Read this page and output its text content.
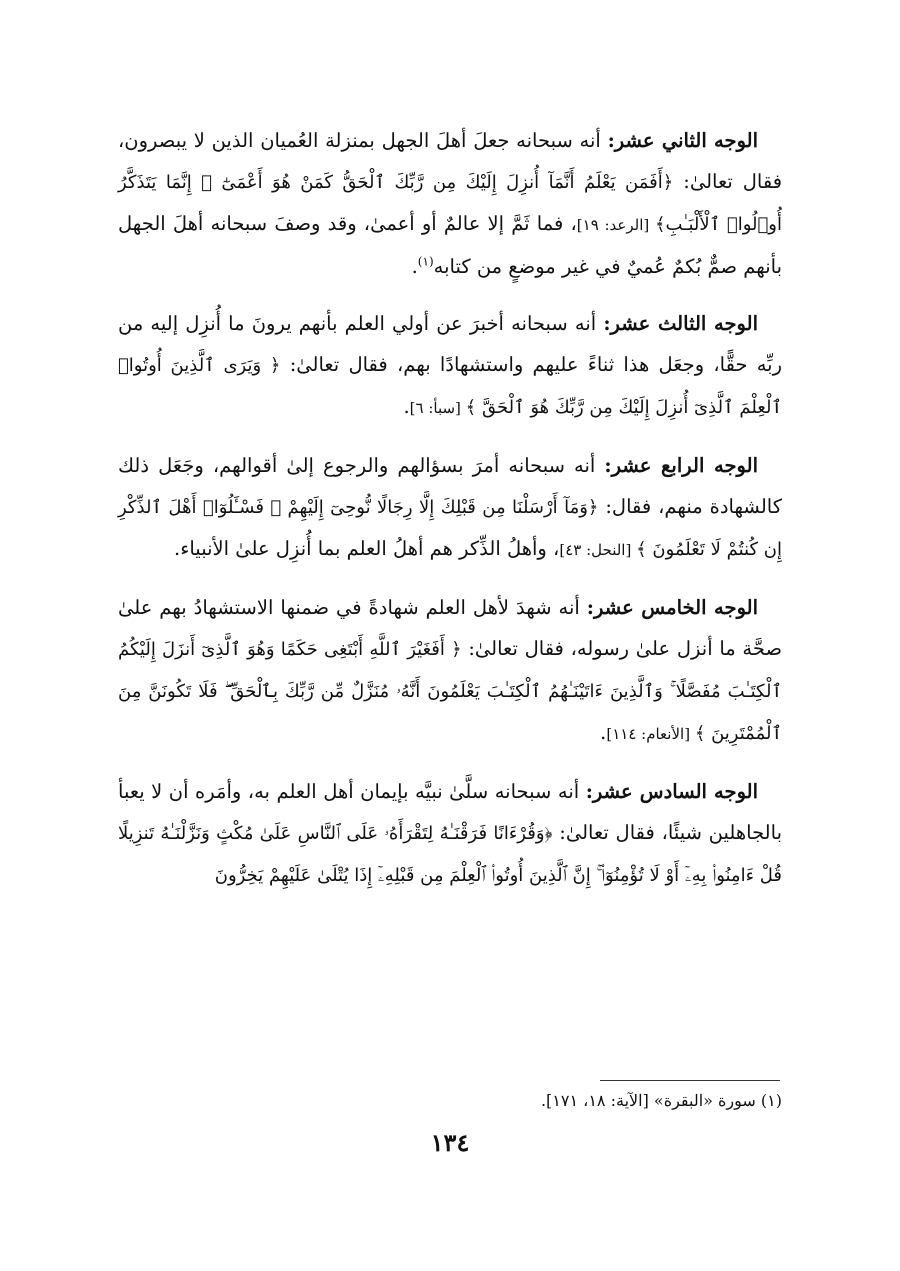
الوجه الثاني عشر: أنه سبحانه جعلَ أهلَ الجهل بمنزلة العُميان الذين لا يبصرون، فقال تعالىٰ: ﴿أَفَمَن يَعْلَمُ أَنَّمَآ أُنزِلَ إِلَيْكَ مِن رَّبِّكَ ٱلْحَقُّ كَمَنْ هُوَ أَعْمَىٰٓ ۚ إِنَّمَا يَتَذَكَّرُ أُو۟لُوا۟ ٱلْأَلْبَـٰبِ﴾ [الرعد: ١٩]، فما ثَمَّ إلا عالمٌ أو أعمىٰ، وقد وصفَ سبحانه أهلَ الجهل بأنهم صمٌّ بُكمٌ عُميٌ في غير موضعٍ من كتابه$^{(١)}$.

الوجه الثالث عشر: أنه سبحانه أخبرَ عن أولي العلم بأنهم يرونَ ما أُنزِل إليه من ربِّه حقًّا، وجعَل هذا ثناءً عليهم واستشهادًا بهم، فقال تعالىٰ: ﴿ وَيَرَى ٱلَّذِينَ أُوتُوا۟ ٱلْعِلْمَ ٱلَّذِىٓ أُنزِلَ إِلَيْكَ مِن رَّبِّكَ هُوَ ٱلْحَقَّ ﴾ [سبأ: ٦].

الوجه الرابع عشر: أنه سبحانه أمرَ بسؤالهم والرجوع إلىٰ أقوالهم، وجَعَل ذلك كالشهادة منهم، فقال: ﴿وَمَآ أَرْسَلْنَا مِن قَبْلِكَ إِلَّا رِجَالًا نُّوحِىٓ إِلَيْهِمْ ۚ فَسْـَٔلُوٓا۟ أَهْلَ ٱلذِّكْرِ إِن كُنتُمْ لَا تَعْلَمُونَ ﴾ [النحل: ٤٣]، وأهلُ الذِّكر هم أهلُ العلم بما أُنزِل علىٰ الأنبياء.

الوجه الخامس عشر: أنه شهدَ لأهل العلم شهادةً في ضمنها الاستشهادُ بهم علىٰ صحَّة ما أنزل علىٰ رسوله، فقال تعالىٰ: ﴿ أَفَغَيْرَ ٱللَّهِ أَبْتَغِى حَكَمًا وَهُوَ ٱلَّذِىٓ أَنزَلَ إِلَيْكُمُ ٱلْكِتَـٰبَ مُفَصَّلًا ۚ وَٱلَّذِينَ ءَاتَيْنَـٰهُمُ ٱلْكِتَـٰبَ يَعْلَمُونَ أَنَّهُۥ مُنَزَّلٌ مِّن رَّبِّكَ بِٱلْحَقِّ ۖ فَلَا تَكُونَنَّ مِنَ ٱلْمُمْتَرِينَ ﴾ [الأنعام: ١١٤].

الوجه السادس عشر: أنه سبحانه سلَّىٰ نبيَّه بإيمان أهل العلم به، وأمَره أن لا يعبأ بالجاهلين شيئًا، فقال تعالىٰ: ﴿وَقُرْءَانًا فَرَقْنَـٰهُ لِتَقْرَأَهُۥ عَلَى ٱلنَّاسِ عَلَىٰ مُكْثٍ وَنَزَّلْنَـٰهُ تَنزِيلًا قُلْ ءَامِنُوا۟ بِهِۦٓ أَوْ لَا تُؤْمِنُوٓا۟ ۚ إِنَّ ٱلَّذِينَ أُوتُوا۟ ٱلْعِلْمَ مِن قَبْلِهِۦٓ إِذَا يُتْلَىٰ عَلَيْهِمْ يَخِرُّونَ

(١) سورة «البقرة» [الآية: ١٨، ١٧١].
١٣٤
